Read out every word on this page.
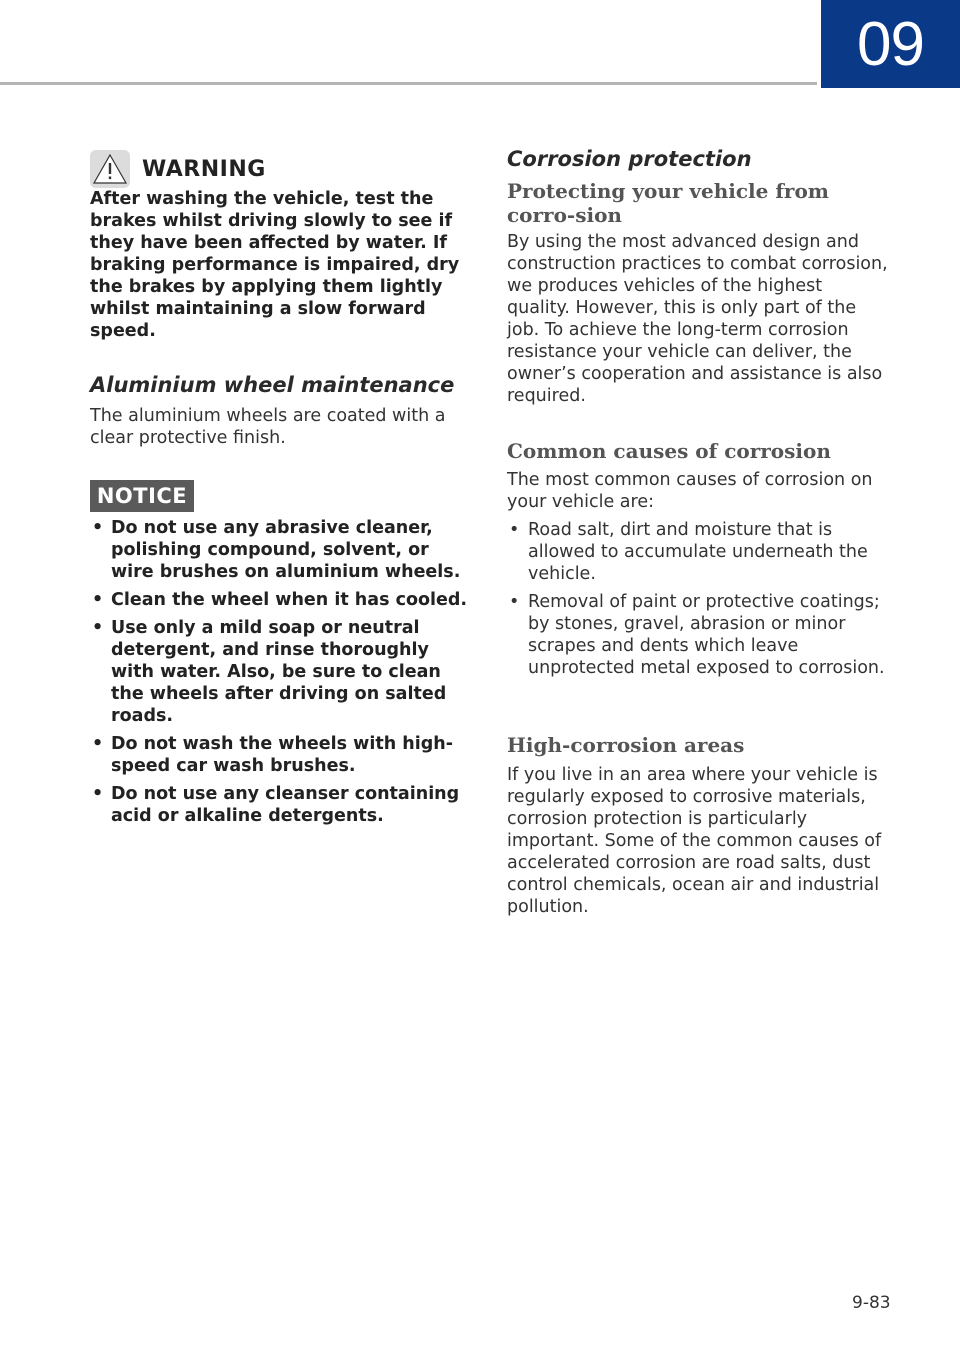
09
WARNING

After washing the vehicle, test the brakes whilst driving slowly to see if they have been affected by water. If braking performance is impaired, dry the brakes by applying them lightly whilst maintaining a slow forward speed.

Aluminium wheel maintenance

The aluminium wheels are coated with a clear protective finish.

NOTICE
• Do not use any abrasive cleaner, polishing compound, solvent, or wire brushes on aluminium wheels.
• Clean the wheel when it has cooled.
• Use only a mild soap or neutral detergent, and rinse thoroughly with water. Also, be sure to clean the wheels after driving on salted roads.
• Do not wash the wheels with high-speed car wash brushes.
• Do not use any cleanser containing acid or alkaline detergents.
Corrosion protection
Protecting your vehicle from corro-sion

By using the most advanced design and construction practices to combat corrosion, we produces vehicles of the highest quality. However, this is only part of the job. To achieve the long-term corrosion resistance your vehicle can deliver, the owner’s cooperation and assistance is also required.

Common causes of corrosion

The most common causes of corrosion on your vehicle are:

• Road salt, dirt and moisture that is allowed to accumulate underneath the vehicle.
• Removal of paint or protective coatings; by stones, gravel, abrasion or minor scrapes and dents which leave unprotected metal exposed to corrosion.
High-corrosion areas

If you live in an area where your vehicle is regularly exposed to corrosive materials, corrosion protection is particularly important. Some of the common causes of accelerated corrosion are road salts, dust control chemicals, ocean air and industrial pollution.

9-83
